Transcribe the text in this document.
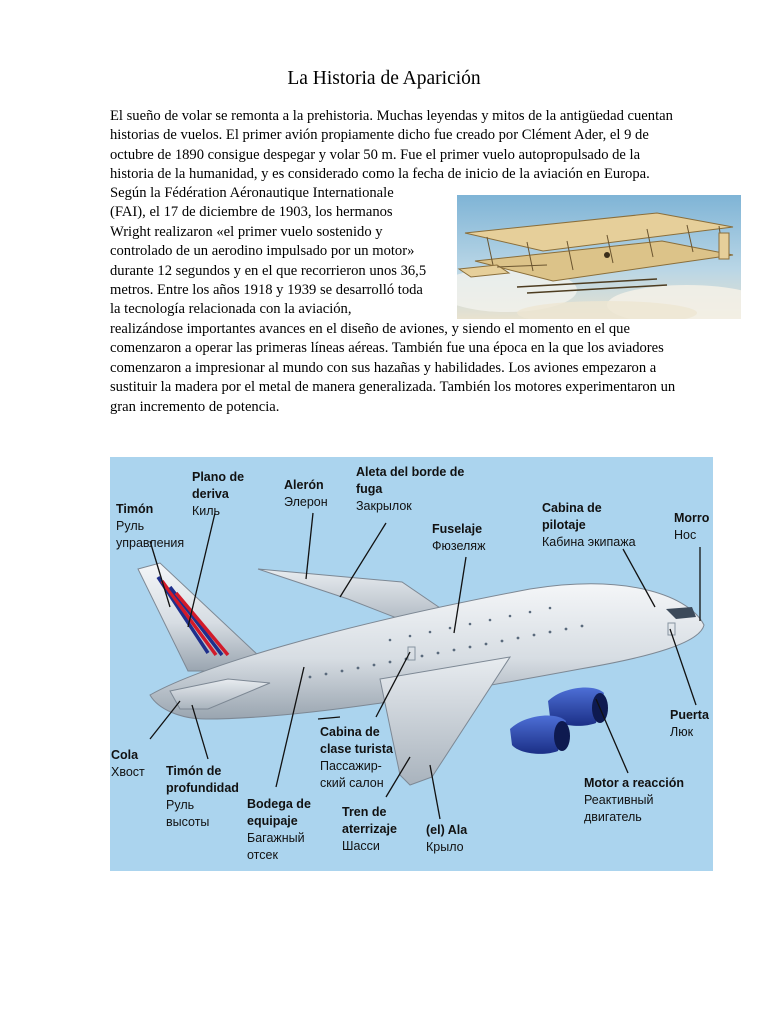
La Historia de Aparición

El sueño de volar se remonta a la prehistoria. Muchas leyendas y mitos de la antigüedad cuentan
historias de vuelos. El primer avión propiamente dicho fue creado por Clément Ader, el 9 de
octubre de 1890 consigue despegar y volar 50 m. Fue el primer vuelo autopropulsado de la
historia de la humanidad, y es considerado como la fecha de inicio de la aviación en Europa.

Según la Fédération Aéronautique Internationale
(FAI), el 17 de diciembre de 1903, los hermanos
Wright realizaron «el primer vuelo sostenido y
controlado de un aerodino impulsado por un motor»
durante 12 segundos y en el que recorrieron unos 36,5
metros. Entre los años 1918 y 1939 se desarrolló toda
la tecnología relacionada con la aviación,

realizándose importantes avances en el diseño de aviones, y siendo el momento en el que
comenzaron a operar las primeras líneas aéreas. También fue una época en la que los aviadores
comenzaron a impresionar al mundo con sus hazañas y habilidades. Los aviones empezaron a
sustituir la madera por el metal de manera generalizada. También los motores experimentaron un
gran incremento de potencia.

Timón Руль управления
Plano de deriva Киль
Alerón Элерон
Aleta del borde de fuga Закрылок
Fuselaje Фюзеляж
Cabina de pilotaje Кабина экипажа
Morro Нос
Cola Хвост Timón de profundidad Руль высоты
Bodega de equipaje Багажный отсек
Cabina de clase turista Пассажир-ский салон
Tren de aterrizaje Шасси
(el) Ala Крыло
Motor a reacción Реактивный двигатель
Puerta Люк
